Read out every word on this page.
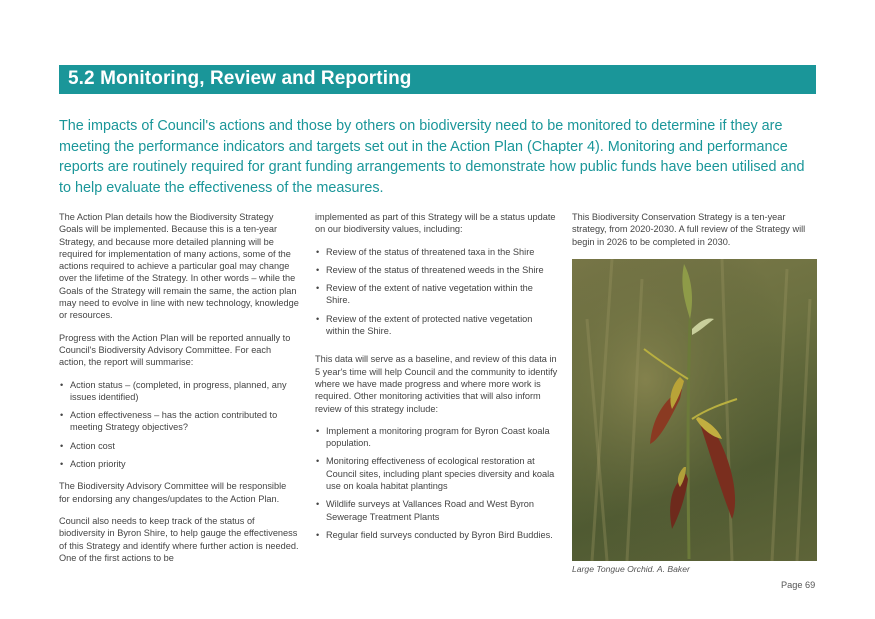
5.2 Monitoring, Review and Reporting

The impacts of Council's actions and those by others on biodiversity need to be monitored to determine if they are meeting the performance indicators and targets set out in the Action Plan (Chapter 4). Monitoring and performance reports are routinely required for grant funding arrangements to demonstrate how public funds have been utilised and to help evaluate the effectiveness of the measures.

The Action Plan details how the Biodiversity Strategy Goals will be implemented. Because this is a ten-year Strategy, and because more detailed planning will be required for implementation of many actions, some of the actions required to achieve a particular goal may change over the lifetime of the Strategy. In other words – while the Goals of the Strategy will remain the same, the action plan may need to evolve in line with new technology, knowledge or resources.

Progress with the Action Plan will be reported annually to Council's Biodiversity Advisory Committee. For each action, the report will summarise:

• Action status – (completed, in progress, planned, any issues identified)
• Action effectiveness – has the action contributed to meeting Strategy objectives?
• Action cost
• Action priority

The Biodiversity Advisory Committee will be responsible for endorsing any changes/updates to the Action Plan.

Council also needs to keep track of the status of biodiversity in Byron Shire, to help gauge the effectiveness of this Strategy and identify where further action is needed. One of the first actions to be

implemented as part of this Strategy will be a status update on our biodiversity values, including:

• Review of the status of threatened taxa in the Shire
• Review of the status of threatened weeds in the Shire
• Review of the extent of native vegetation within the Shire.
• Review of the extent of protected native vegetation within the Shire.

This data will serve as a baseline, and review of this data in 5 year's time will help Council and the community to identify where we have made progress and where more work is required. Other monitoring activities that will also inform review of this strategy include:

• Implement a monitoring program for Byron Coast koala population.
• Monitoring effectiveness of ecological restoration at Council sites, including plant species diversity and koala use on koala habitat plantings
• Wildlife surveys at Vallances Road and West Byron Sewerage Treatment Plants
• Regular field surveys conducted by Byron Bird Buddies.

This Biodiversity Conservation Strategy is a ten-year strategy, from 2020-2030. A full review of the Strategy will begin in 2026 to be completed in 2030.

Large Tongue Orchid. A. Baker
Page 69
